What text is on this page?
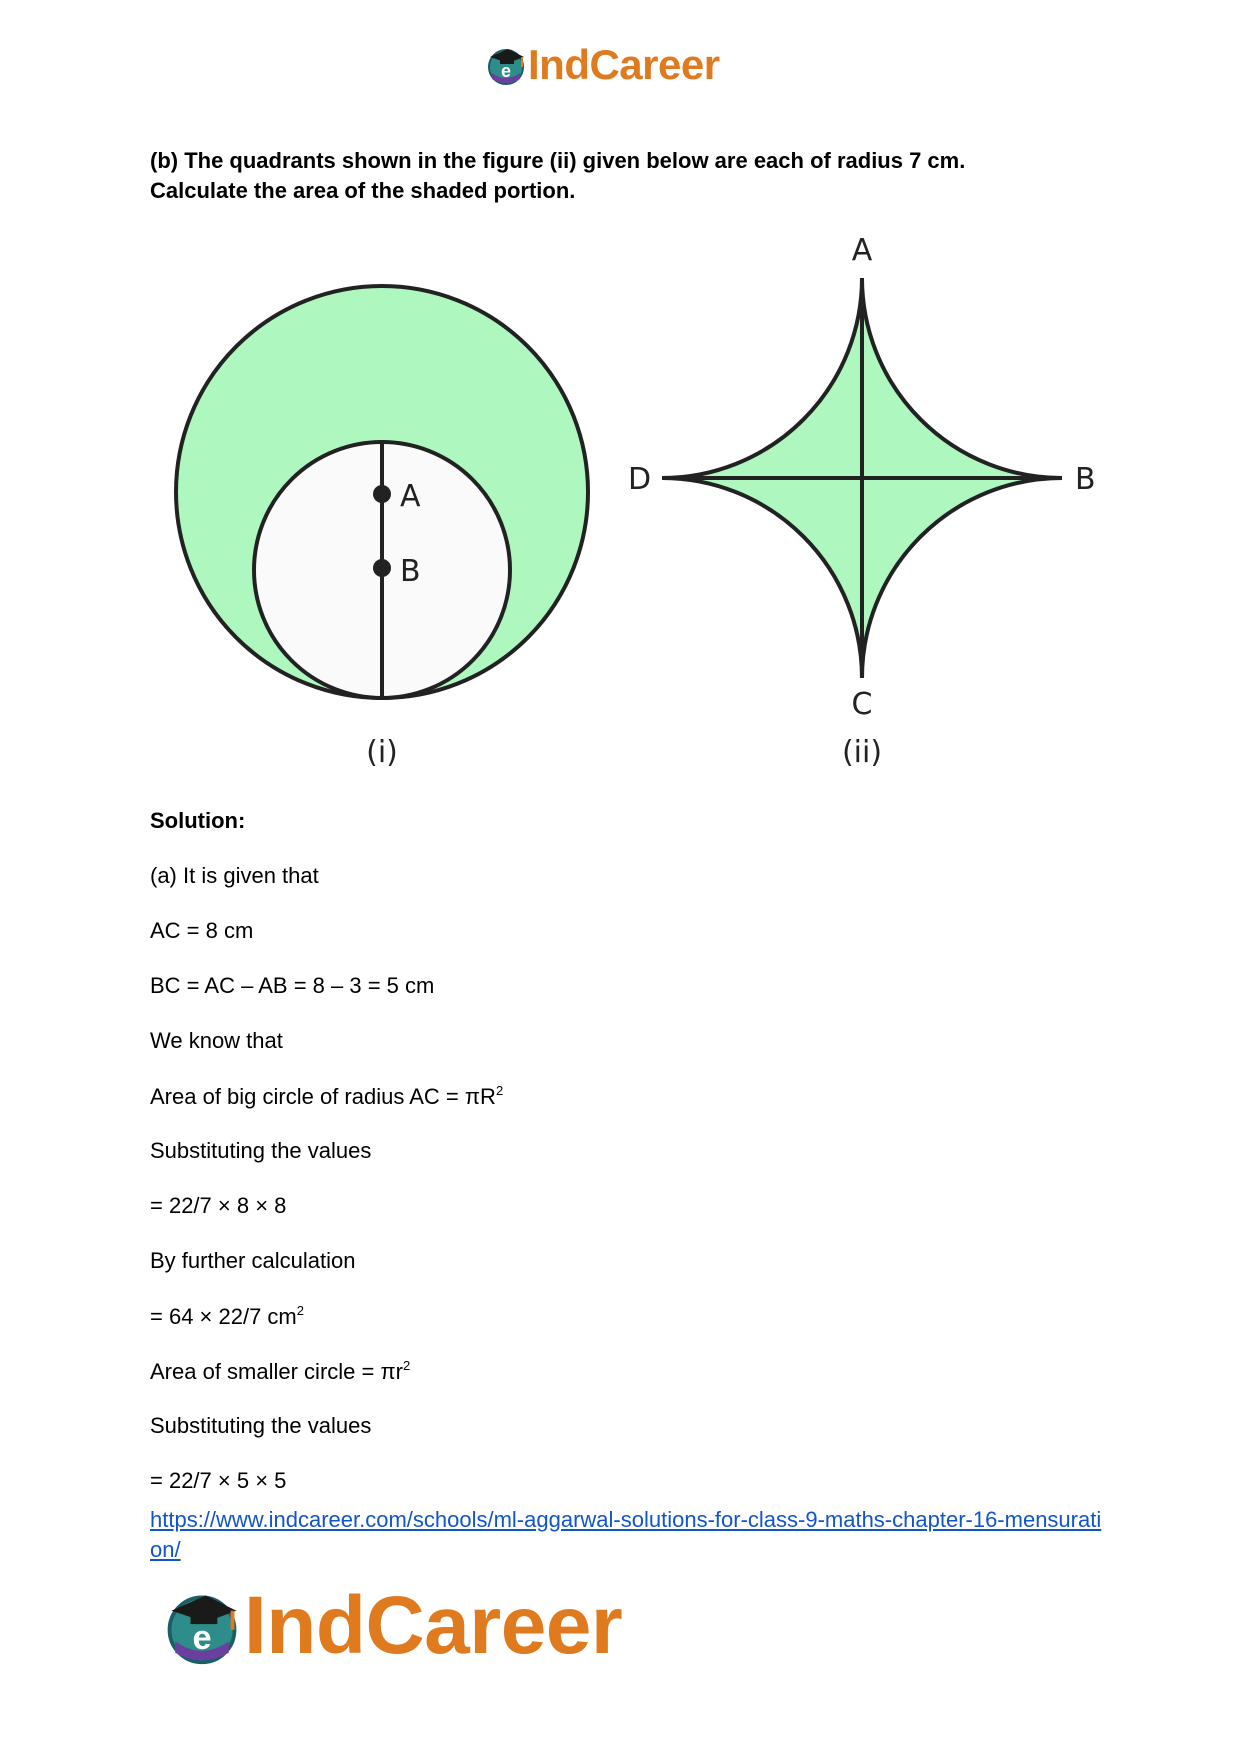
e IndCareer
(b) The quadrants shown in the figure (ii) given below are each of radius 7 cm.
Calculate the area of the shaded portion.
A
B
(i)
A
B
C
D
(ii)
Solution:
(a) It is given that
AC = 8 cm
BC = AC – AB = 8 – 3 = 5 cm
We know that
Area of big circle of radius AC = $\pi R^2$
Substituting the values
= 22/7 × 8 × 8
By further calculation
= 64 × 22/7 $cm^2$
Area of smaller circle = $\pi r^2$
Substituting the values
= 22/7 × 5 × 5
https://www.indcareer.com/schools/ml-aggarwal-solutions-for-class-9-maths-chapter-16-mensuration/
e IndCareer
